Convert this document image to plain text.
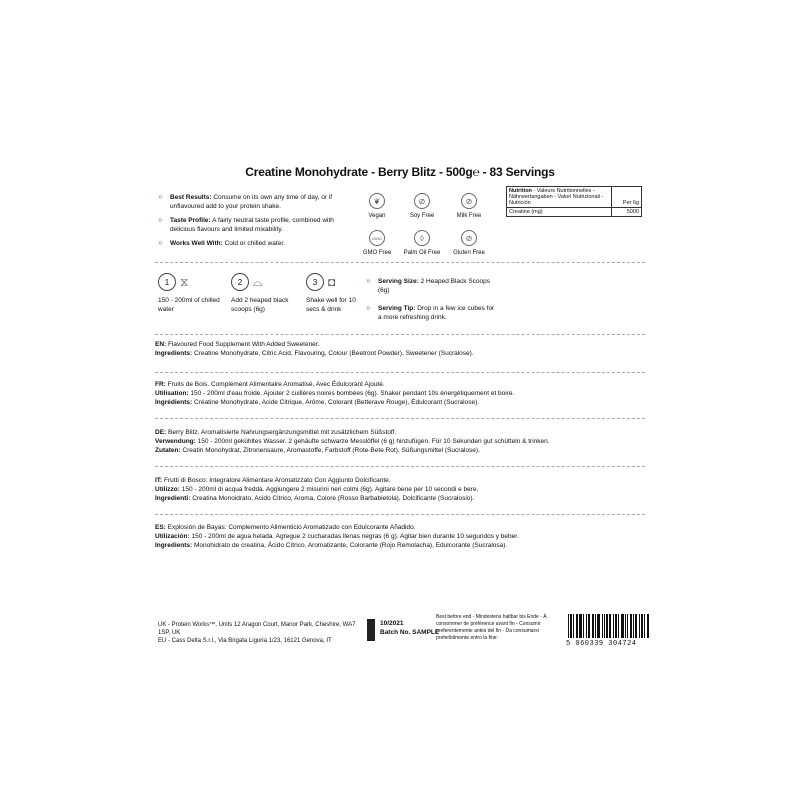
Creatine Monohydrate - Berry Blitz - 500g℮ - 83 Servings
»	Best Results: Consume on its own any time of day, or if unflavoured add to your protein shake.
»	Taste Profile: A fairly neutral taste profile, combined with delicious flavours and limited mixability.
»	Works Well With: Cold or chilled water.
❦
Vegan
⊘
Soy Free
⊘
Milk Free
GMO
GMO Free
◊
Palm Oil Free
⊘
Gluten Free
Nutrition - Valeurs Nutritionnelles - Nährwertangaben - Valori Nutrizionali - Nutrición	Per 6g
Creatine (mg)	5000
1 ⧖
150 - 200ml of chilled water
2 ⌓
Add 2 heaped black scoops (6g)
3 ◘
Shake well for 10 secs & drink
»	Serving Size: 2 Heaped Black Scoops (6g)
»	Serving Tip: Drop in a few ice cubes for a more refreshing drink.
EN: Flavoured Food Supplement With Added Sweetener.
Ingredients: Creatine Monohydrate, Citric Acid, Flavouring, Colour (Beetroot Powder), Sweetener (Sucralose).
FR: Fruits de Bois. Complément Alimentaire Aromatisé, Avec Édulcorant Ajouté.
Utilisation: 150 - 200ml d'eau froide. Ajouter 2 cuillères noires bombées (6g). Shaker pendant 10s énergétiquement et boire.
Ingrédients: Créatine Monohydrate, Acide Citrique, Arôme, Colorant (Betterave Rouge), Édulcorant (Sucralose).
DE: Berry Blitz. Aromatisierte Nahrungsergänzungsmittel mit zusätzlichem Süßstoff.
Verwendung: 150 - 200ml gekühltes Wasser. 2 gehäufte schwarze Messlöffel (6 g) hinzufügen. Für 10 Sekunden gut schütteln & trinken.
Zutaten: Creatin Monohydrat, Zitronensaure, Aromastoffe, Farbstoff (Rote-Bete Rot), Süßungsmittel (Sucralose).
IT: Frutti di Bosco: Integratore Alimentare Aromatizzato Con Aggiunto Dolcificante.
Utilizzo: 150 - 200ml di acqua fredda. Aggiungere 2 misurini neri colmi (6g). Agitare bene per 10 secondi e bere.
Ingredienti: Creatina Monoidrato, Acido Citrico, Aroma, Colore (Rosso Barbabietola), Dolcificante (Sucralosio).
ES: Explosión de Bayas: Complemento Alimenticio Aromatizado con Edulcorante Añadido.
Utilización: 150 - 200ml de agua helada. Agregue 2 cucharadas llenas negras (6 g). Agitar bien durante 10 segundos y beber.
Ingredients: Monohidrato de creatina, Ácido Cítrico, Aromatizante, Colorante (Rojo Remolacha), Edulcorante (Sucralosa).
UK - Protein Works™, Units 12 Aragon Court, Manor Park, Cheshire, WA7 1SP, UK
EU - Cass Delta S.r.l., Via Brigata Liguria 1/23, 16121 Genova, IT
10/2021
Batch No. SAMPLE
Best before end - Mindestens haltbar bis Ende - À consommer de préférence avant fin - Consumir preferentemente antes del fin - Da consumarsi preferibilmente entro la fine:
5 060339 304724
